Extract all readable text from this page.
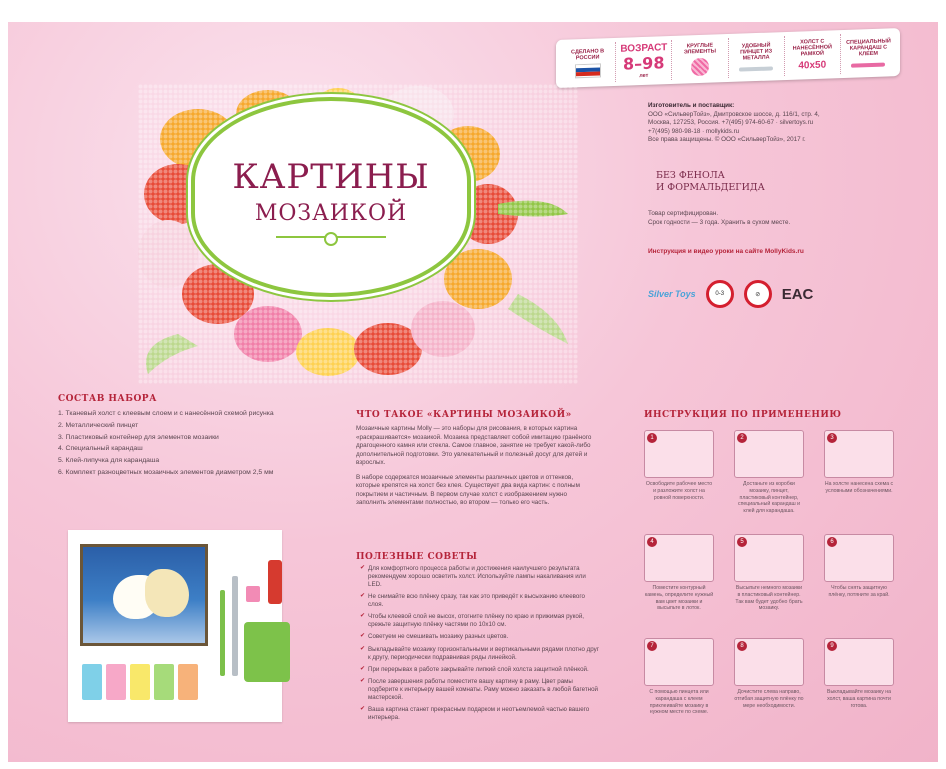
СДЕЛАНО В РОССИИ
ВОЗРАСТ
8–98 лет
КРУГЛЫЕ ЭЛЕМЕНТЫ
УДОБНЫЙ ПИНЦЕТ ИЗ МЕТАЛЛА
ХОЛСТ С НАНЕСЁННОЙ РАМКОЙ
40x50
СПЕЦИАЛЬНЫЙ КАРАНДАШ С КЛЕЕМ
КАРТИНЫ
МОЗАИКОЙ
Изготовитель и поставщик:
ООО «СильверТойз», Дмитровское шоссе, д. 116/1, стр. 4,
Москва, 127253, Россия. +7(495) 974-60-67 · silvertoys.ru
+7(495) 980-98-18 · mollykids.ru
Все права защищены. © ООО «СильверТойз», 2017 г.
БЕЗ ФЕНОЛА
И ФОРМАЛЬДЕГИДА
Товар сертифицирован.
Срок годности — 3 года. Хранить в сухом месте.
Инструкция и видео уроки на сайте MollyKids.ru
Silver Toys	0-3	⊘	EAC
СОСТАВ НАБОРА
1. Тканевый холст с клеевым слоем и с нанесённой схемой рисунка
2. Металлический пинцет
3. Пластиковый контейнер для элементов мозаики
4. Специальный карандаш
5. Клей-липучка для карандаша
6. Комплект разноцветных мозаичных элементов диаметром 2,5 мм
ЧТО ТАКОЕ «КАРТИНЫ МОЗАИКОЙ»

Мозаичные картины Molly — это наборы для рисования, в которых картина «раскрашивается» мозаикой. Мозаика представляет собой имитацию гранёного драгоценного камня или стекла. Самое главное, занятие не требует какой-либо дополнительной подготовки. Это увлекательный и полезный досуг для детей и взрослых.

В наборе содержатся мозаичные элементы различных цветов и оттенков, которые крепятся на холст без клея. Существует два вида картин: с полным покрытием и частичным. В первом случае холст с изображением нужно заполнить элементами полностью, во втором — только его часть.

ПОЛЕЗНЫЕ СОВЕТЫ
✔ Для комфортного процесса работы и достижения наилучшего результата рекомендуем хорошо осветить холст. Используйте лампы накаливания или LED.
✔ Не снимайте всю плёнку сразу, так как это приведёт к высыханию клеевого слоя.
✔ Чтобы клеевой слой не высох, отогните плёнку по краю и прижимая рукой, срежьте защитную плёнку частями по 10х10 см.
✔ Советуем не смешивать мозаику разных цветов.
✔ Выкладывайте мозаику горизонтальными и вертикальными рядами плотно друг к другу, периодически подравнивая ряды линейкой.
✔ При перерывах в работе закрывайте липкий слой холста защитной плёнкой.
✔ После завершения работы поместите вашу картину в раму. Цвет рамы подберите к интерьеру вашей комнаты. Раму можно заказать в любой багетной мастерской.
✔ Ваша картина станет прекрасным подарком и неотъемлемой частью вашего интерьера.
ИНСТРУКЦИЯ ПО ПРИМЕНЕНИЮ
1
Освободите рабочее место и разложите холст на ровной поверхности.
2
Достаньте из коробки мозаику, пинцет, пластиковый контейнер, специальный карандаш и клей для карандаша.
3
На холсте нанесена схема с условными обозначениями.
4
Поместите контурный камень, определите нужный вам цвет мозаики и высыпьте в лоток.
5
Высыпьте немного мозаики в пластиковый контейнер. Так вам будет удобно брать мозаику.
6
Чтобы снять защитную плёнку, потяните за край.
7
С помощью пинцета или карандаша с клеем приклеивайте мозаику в нужном месте по схеме.
8
Дочистите слева направо, отгибая защитную плёнку по мере необходимости.
9
Выкладывайте мозаику на холст, ваша картина почти готова.
